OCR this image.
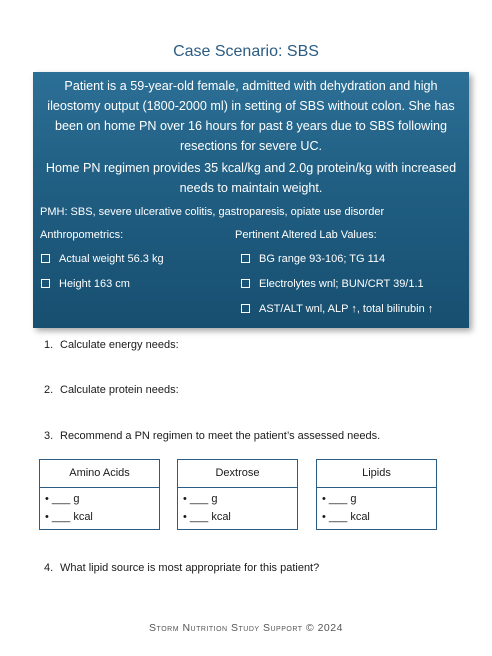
Case Scenario: SBS
Patient is a 59-year-old female, admitted with dehydration and high ileostomy output (1800-2000 ml) in setting of SBS without colon. She has been on home PN over 16 hours for past 8 years due to SBS following resections for severe UC.
Home PN regimen provides 35 kcal/kg and 2.0g protein/kg with increased needs to maintain weight.
PMH: SBS, severe ulcerative colitis, gastroparesis, opiate use disorder
Anthropometrics:	Pertinent Altered Lab Values:
Actual weight 56.3 kg
Height 163 cm
BG range 93-106; TG 114
Electrolytes wnl; BUN/CRT 39/1.1
AST/ALT wnl, ALP ↑, total bilirubin ↑
1. Calculate energy needs:
2. Calculate protein needs:
3. Recommend a PN regimen to meet the patient’s assessed needs.
Amino Acids
• ___ g
• ___ kcal
Dextrose
• ___ g
• ___ kcal
Lipids
• ___ g
• ___ kcal
4. What lipid source is most appropriate for this patient?
Storm Nutrition Study Support © 2024
